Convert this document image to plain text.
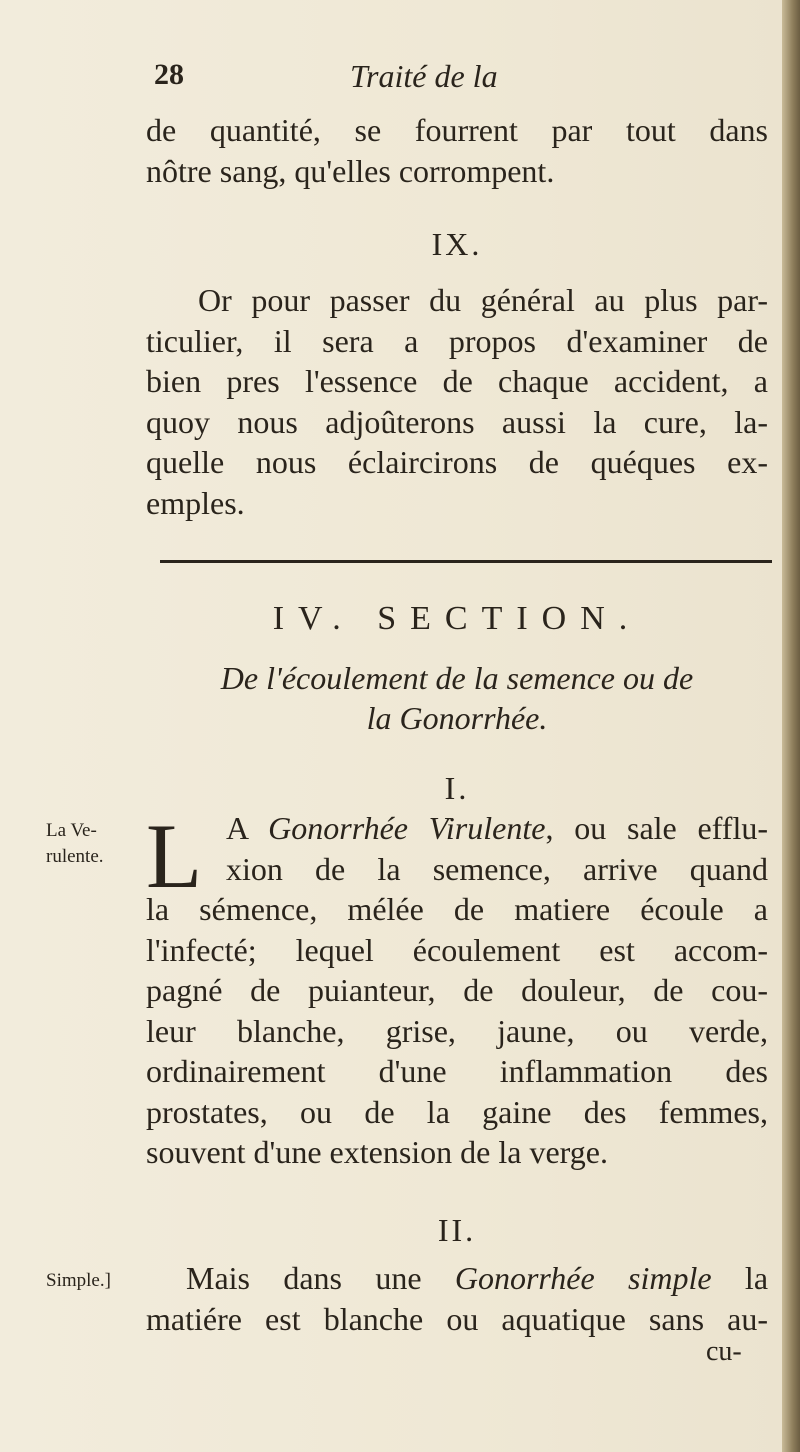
28	Traité de la
de quantité, se fourrent par tout dans
nôtre sang, qu'elles corrompent.
IX.
Or pour passer du général au plus par-
ticulier, il sera a propos d'examiner de
bien pres l'essence de chaque accident, a
quoy nous adjoûterons aussi la cure, la-
quelle nous éclaircirons de quéques ex-
emples.
IV. SECTION.
De l'écoulement de la semence ou de
la Gonorrhée.
I.
La Ve-
rulente. L A Gonorrhée Virulente, ou sale efflu-
xion de la semence, arrive quand
la sémence, mélée de matiere écoule a
l'infecté; lequel écoulement est accom-
pagné de puianteur, de douleur, de cou-
leur blanche, grise, jaune, ou verde,
ordinairement d'une inflammation des
prostates, ou de la gaine des femmes,
souvent d'une extension de la verge.
II.
Simple.]	Mais dans une Gonorrhée simple la
matiére est blanche ou aquatique sans au-
cu-
